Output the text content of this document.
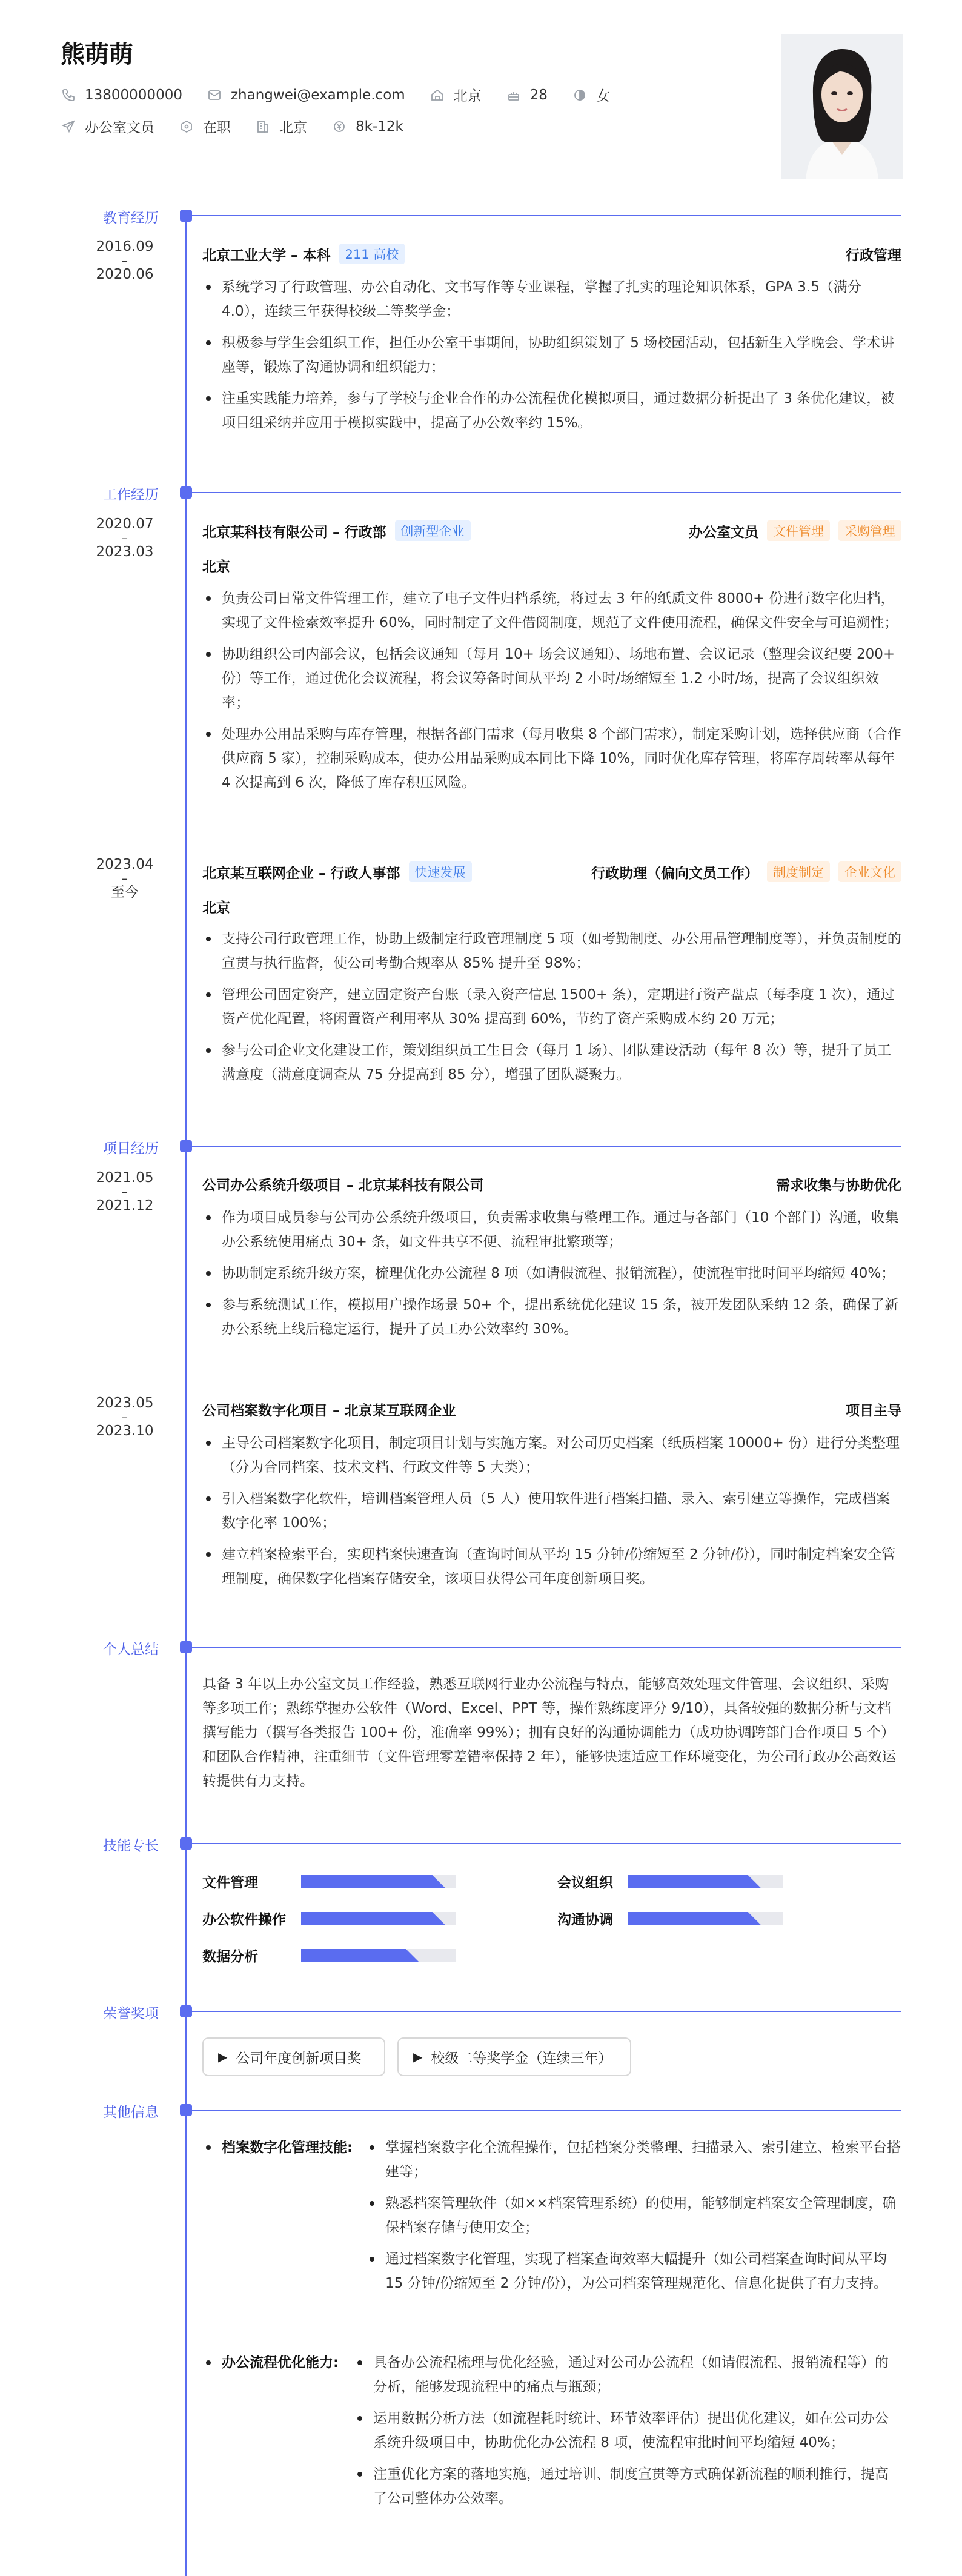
熊萌萌
13800000000	zhangwei@example.com	北京	28	女
办公室文员	在职	北京	8k-12k
教育经历
2016.09
–
2020.06
北京工业大学 – 本科	211 高校	行政管理
系统学习了行政管理、办公自动化、文书写作等专业课程，掌握了扎实的理论知识体系，GPA 3.5（满分4.0），连续三年获得校级二等奖学金；
积极参与学生会组织工作，担任办公室干事期间，协助组织策划了 5 场校园活动，包括新生入学晚会、学术讲座等，锻炼了沟通协调和组织能力；
注重实践能力培养，参与了学校与企业合作的办公流程优化模拟项目，通过数据分析提出了 3 条优化建议，被项目组采纳并应用于模拟实践中，提高了办公效率约 15%。
工作经历
2020.07
–
2023.03
北京某科技有限公司 – 行政部	创新型企业	办公室文员	文件管理	采购管理
北京
负责公司日常文件管理工作，建立了电子文件归档系统，将过去 3 年的纸质文件 8000+ 份进行数字化归档，实现了文件检索效率提升 60%，同时制定了文件借阅制度，规范了文件使用流程，确保文件安全与可追溯性；
协助组织公司内部会议，包括会议通知（每月 10+ 场会议通知）、场地布置、会议记录（整理会议纪要 200+ 份）等工作，通过优化会议流程，将会议筹备时间从平均 2 小时/场缩短至 1.2 小时/场，提高了会议组织效率；
处理办公用品采购与库存管理，根据各部门需求（每月收集 8 个部门需求），制定采购计划，选择供应商（合作供应商 5 家），控制采购成本，使办公用品采购成本同比下降 10%，同时优化库存管理，将库存周转率从每年 4 次提高到 6 次，降低了库存积压风险。
2023.04
–
至今
北京某互联网企业 – 行政人事部	快速发展	行政助理（偏向文员工作）	制度制定	企业文化
北京
支持公司行政管理工作，协助上级制定行政管理制度 5 项（如考勤制度、办公用品管理制度等），并负责制度的宣贯与执行监督，使公司考勤合规率从 85% 提升至 98%；
管理公司固定资产，建立固定资产台账（录入资产信息 1500+ 条），定期进行资产盘点（每季度 1 次），通过资产优化配置，将闲置资产利用率从 30% 提高到 60%，节约了资产采购成本约 20 万元；
参与公司企业文化建设工作，策划组织员工生日会（每月 1 场）、团队建设活动（每年 8 次）等，提升了员工满意度（满意度调查从 75 分提高到 85 分），增强了团队凝聚力。
项目经历
2021.05
–
2021.12
公司办公系统升级项目 – 北京某科技有限公司	需求收集与协助优化
作为项目成员参与公司办公系统升级项目，负责需求收集与整理工作。通过与各部门（10 个部门）沟通，收集办公系统使用痛点 30+ 条，如文件共享不便、流程审批繁琐等；
协助制定系统升级方案，梳理优化办公流程 8 项（如请假流程、报销流程），使流程审批时间平均缩短 40%；
参与系统测试工作，模拟用户操作场景 50+ 个，提出系统优化建议 15 条，被开发团队采纳 12 条，确保了新办公系统上线后稳定运行，提升了员工办公效率约 30%。
2023.05
–
2023.10
公司档案数字化项目 – 北京某互联网企业	项目主导
主导公司档案数字化项目，制定项目计划与实施方案。对公司历史档案（纸质档案 10000+ 份）进行分类整理（分为合同档案、技术文档、行政文件等 5 大类）；
引入档案数字化软件，培训档案管理人员（5 人）使用软件进行档案扫描、录入、索引建立等操作，完成档案数字化率 100%；
建立档案检索平台，实现档案快速查询（查询时间从平均 15 分钟/份缩短至 2 分钟/份），同时制定档案安全管理制度，确保数字化档案存储安全，该项目获得公司年度创新项目奖。
个人总结
具备 3 年以上办公室文员工作经验，熟悉互联网行业办公流程与特点，能够高效处理文件管理、会议组织、采购等多项工作；熟练掌握办公软件（Word、Excel、PPT 等，操作熟练度评分 9/10），具备较强的数据分析与文档撰写能力（撰写各类报告 100+ 份，准确率 99%）；拥有良好的沟通协调能力（成功协调跨部门合作项目 5 个）和团队合作精神，注重细节（文件管理零差错率保持 2 年），能够快速适应工作环境变化，为公司行政办公高效运转提供有力支持。
技能专长
文件管理	会议组织
办公软件操作	沟通协调
数据分析
荣誉奖项
▶ 公司年度创新项目奖	▶ 校级二等奖学金（连续三年）
其他信息
档案数字化管理技能:	掌握档案数字化全流程操作，包括档案分类整理、扫描录入、索引建立、检索平台搭建等；
熟悉档案管理软件（如××档案管理系统）的使用，能够制定档案安全管理制度，确保档案存储与使用安全；
通过档案数字化管理，实现了档案查询效率大幅提升（如公司档案查询时间从平均 15 分钟/份缩短至 2 分钟/份），为公司档案管理规范化、信息化提供了有力支持。
办公流程优化能力:	具备办公流程梳理与优化经验，通过对公司办公流程（如请假流程、报销流程等）的分析，能够发现流程中的痛点与瓶颈；
运用数据分析方法（如流程耗时统计、环节效率评估）提出优化建议，如在公司办公系统升级项目中，协助优化办公流程 8 项，使流程审批时间平均缩短 40%；
注重优化方案的落地实施，通过培训、制度宣贯等方式确保新流程的顺利推行，提高了公司整体办公效率。
